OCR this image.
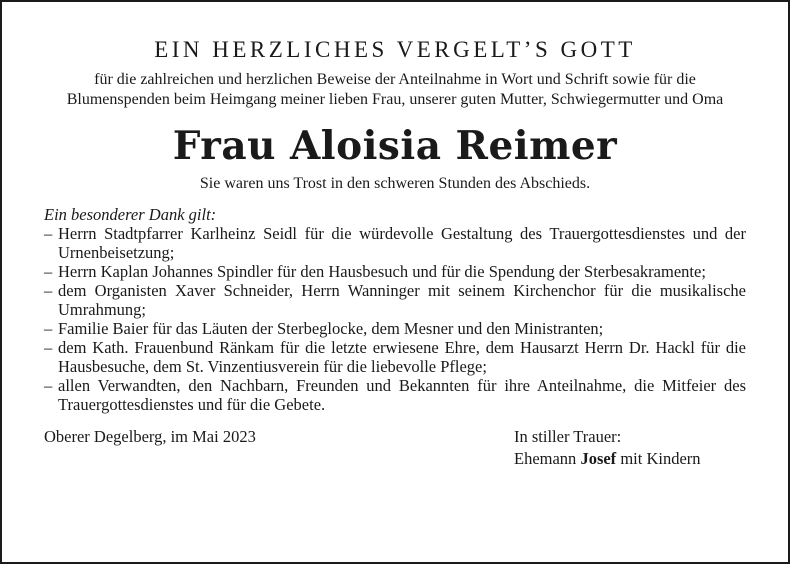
EIN HERZLICHES VERGELT’S GOTT

für die zahlreichen und herzlichen Beweise der Anteilnahme in Wort und Schrift sowie für die Blumenspenden beim Heimgang meiner lieben Frau, unserer guten Mutter, Schwiegermutter und Oma

Frau Aloisia Reimer

Sie waren uns Trost in den schweren Stunden des Abschieds.

Ein besonderer Dank gilt:

– Herrn Stadtpfarrer Karlheinz Seidl für die würdevolle Gestaltung des Trauergottesdienstes und der Urnenbeisetzung;
– Herrn Kaplan Johannes Spindler für den Hausbesuch und für die Spendung der Sterbesakramente;
– dem Organisten Xaver Schneider, Herrn Wanninger mit seinem Kirchenchor für die musikalische Umrahmung;
– Familie Baier für das Läuten der Sterbeglocke, dem Mesner und den Ministranten;
– dem Kath. Frauenbund Ränkam für die letzte erwiesene Ehre, dem Hausarzt Herrn Dr. Hackl für die Hausbesuche, dem St. Vinzentiusverein für die liebevolle Pflege;
– allen Verwandten, den Nachbarn, Freunden und Bekannten für ihre Anteilnahme, die Mitfeier des Trauergottesdienstes und für die Gebete.
Oberer Degelberg, im Mai 2023	In stiller Trauer:
Ehemann Josef mit Kindern
